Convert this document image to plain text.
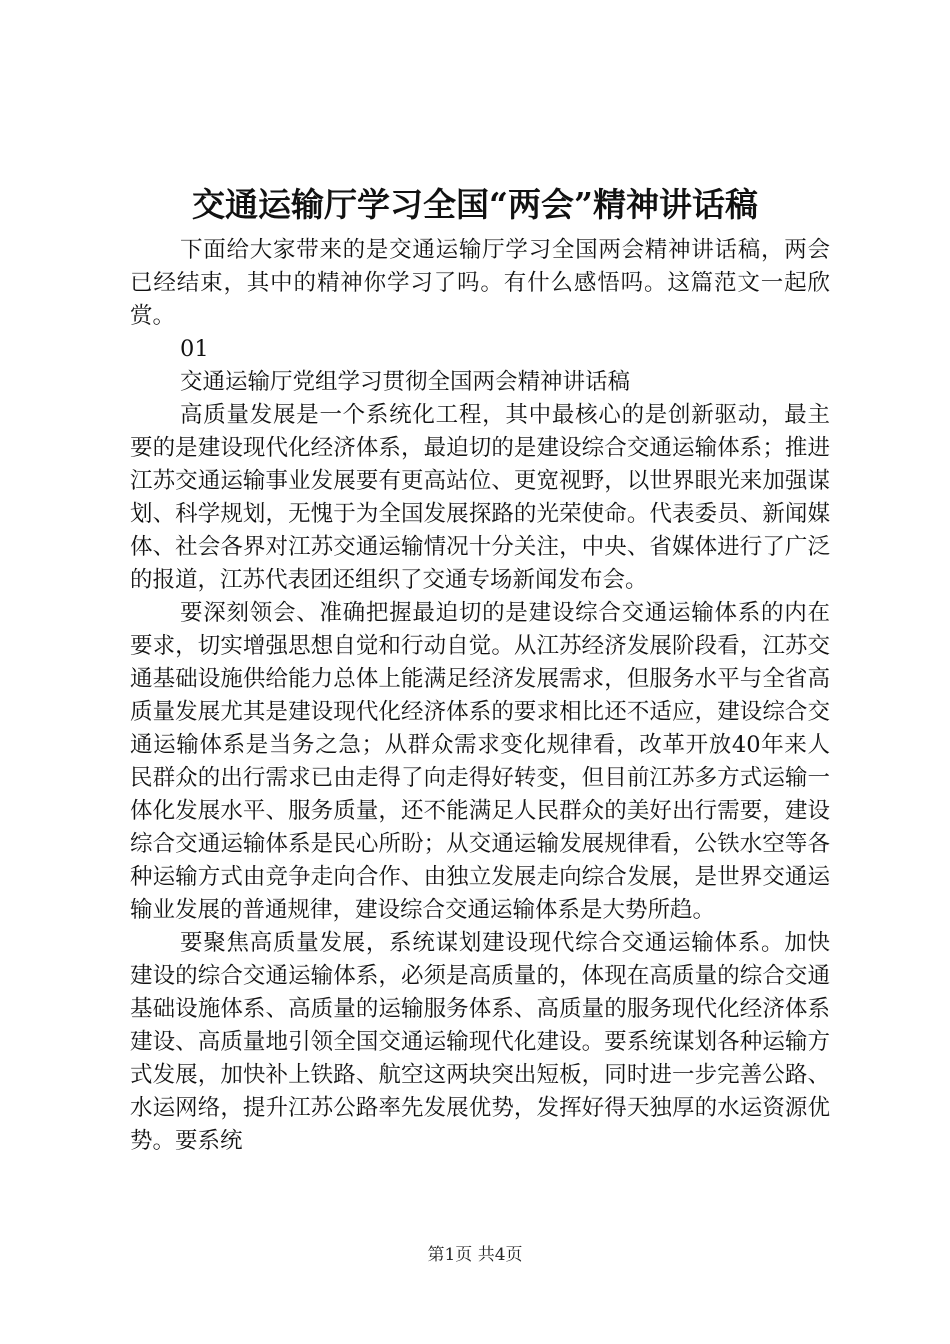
交通运输厅学习全国“两会”精神讲话稿

下面给大家带来的是交通运输厅学习全国两会精神讲话稿，两会已经结束，其中的精神你学习了吗。有什么感悟吗。这篇范文一起欣赏。

01

交通运输厅党组学习贯彻全国两会精神讲话稿

高质量发展是一个系统化工程，其中最核心的是创新驱动，最主要的是建设现代化经济体系，最迫切的是建设综合交通运输体系；推进江苏交通运输事业发展要有更高站位、更宽视野，以世界眼光来加强谋划、科学规划，无愧于为全国发展探路的光荣使命。代表委员、新闻媒体、社会各界对江苏交通运输情况十分关注，中央、省媒体进行了广泛的报道，江苏代表团还组织了交通专场新闻发布会。

要深刻领会、准确把握最迫切的是建设综合交通运输体系的内在要求，切实增强思想自觉和行动自觉。从江苏经济发展阶段看，江苏交通基础设施供给能力总体上能满足经济发展需求，但服务水平与全省高质量发展尤其是建设现代化经济体系的要求相比还不适应，建设综合交通运输体系是当务之急；从群众需求变化规律看，改革开放40年来人民群众的出行需求已由走得了向走得好转变，但目前江苏多方式运输一体化发展水平、服务质量，还不能满足人民群众的美好出行需要，建设综合交通运输体系是民心所盼；从交通运输发展规律看，公铁水空等各种运输方式由竞争走向合作、由独立发展走向综合发展，是世界交通运输业发展的普通规律，建设综合交通运输体系是大势所趋。

要聚焦高质量发展，系统谋划建设现代综合交通运输体系。加快建设的综合交通运输体系，必须是高质量的，体现在高质量的综合交通基础设施体系、高质量的运输服务体系、高质量的服务现代化经济体系建设、高质量地引领全国交通运输现代化建设。要系统谋划各种运输方式发展，加快补上铁路、航空这两块突出短板，同时进一步完善公路、水运网络，提升江苏公路率先发展优势，发挥好得天独厚的水运资源优势。要系统

第1页 共4页
